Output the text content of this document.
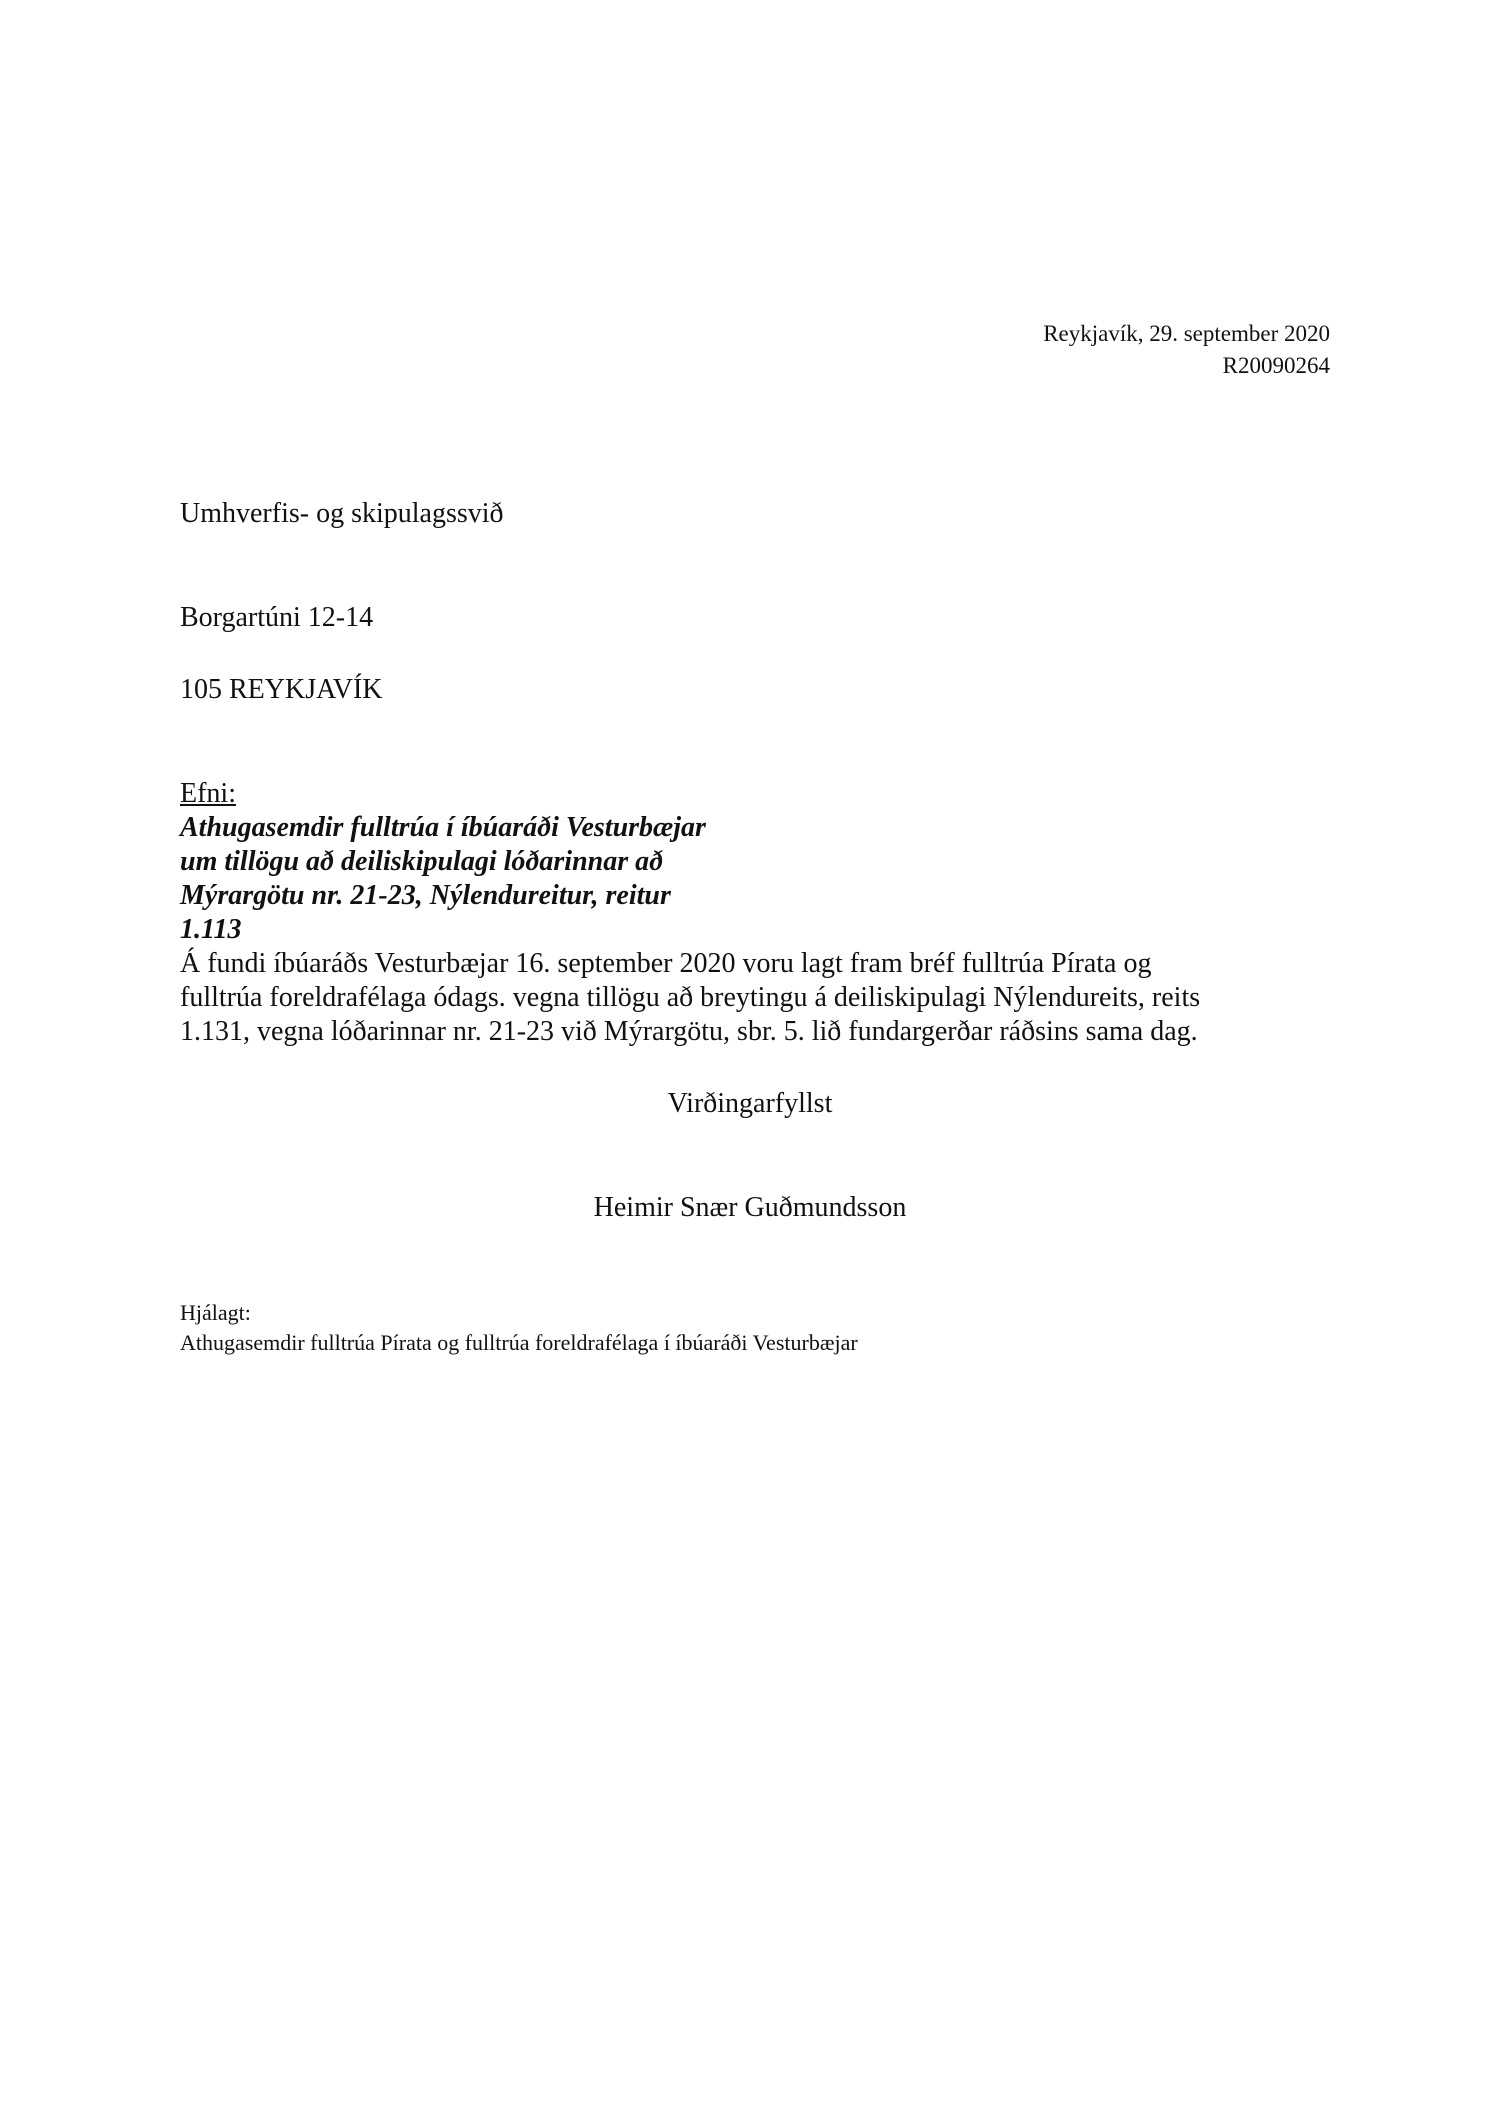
Reykjavík, 29. september 2020
R20090264
Umhverfis- og skipulagssvið
Borgartúni 12-14
105 REYKJAVÍK
Efni:
Athugasemdir fulltrúa í íbúaráði Vesturbæjar
um tillögu að deiliskipulagi lóðarinnar að
Mýrargötu nr. 21-23, Nýlendureitur, reitur
1.113
Á fundi íbúaráðs Vesturbæjar 16. september 2020 voru lagt fram bréf fulltrúa Pírata og
fulltrúa foreldrafélaga ódags. vegna tillögu að breytingu á deiliskipulagi Nýlendureits, reits
1.131, vegna lóðarinnar nr. 21-23 við Mýrargötu, sbr. 5. lið fundargerðar ráðsins sama dag.
Virðingarfyllst
Heimir Snær Guðmundsson
Hjálagt:
Athugasemdir fulltrúa Pírata og fulltrúa foreldrafélaga í íbúaráði Vesturbæjar
